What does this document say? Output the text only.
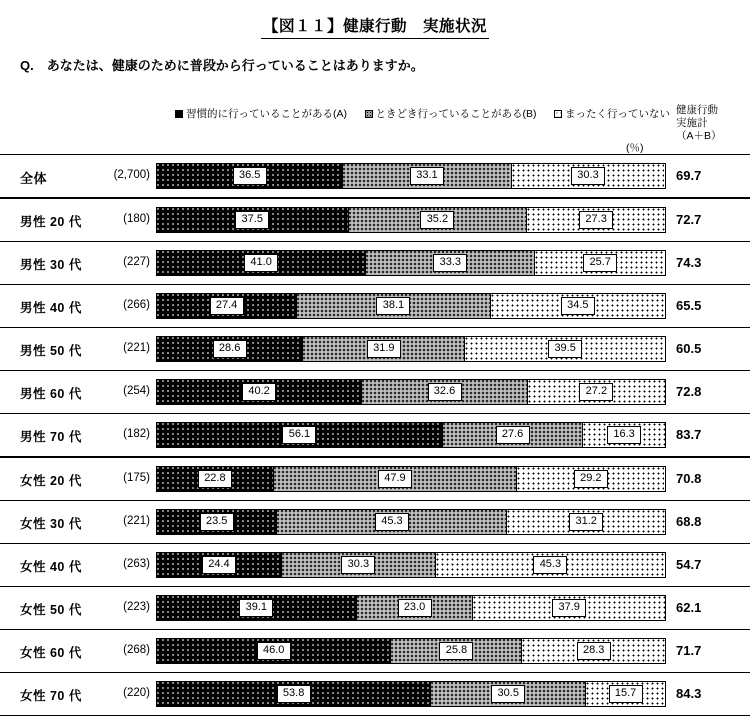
【図１１】健康行動　実施状況
Q.　あなたは、健康のために普段から行っていることはありますか。
習慣的に行っていることがある(A)	ときどき行っていることがある(B)	まったく行っていない 健康行動
実施計
（A＋B）
(％)
全体	(2,700)	36.5	33.1	30.3	69.7
男性 20 代	(180)	37.5	35.2	27.3	72.7
男性 30 代	(227)	41.0	33.3	25.7	74.3
男性 40 代	(266)	27.4	38.1	34.5	65.5
男性 50 代	(221)	28.6	31.9	39.5	60.5
男性 60 代	(254)	40.2	32.6	27.2	72.8
男性 70 代	(182)	56.1	27.6	16.3	83.7
女性 20 代	(175)	22.8	47.9	29.2	70.8
女性 30 代	(221)	23.5	45.3	31.2	68.8
女性 40 代	(263)	24.4	30.3	45.3	54.7
女性 50 代	(223)	39.1	23.0	37.9	62.1
女性 60 代	(268)	46.0	25.8	28.3	71.7
女性 70 代	(220)	53.8	30.5	15.7	84.3
